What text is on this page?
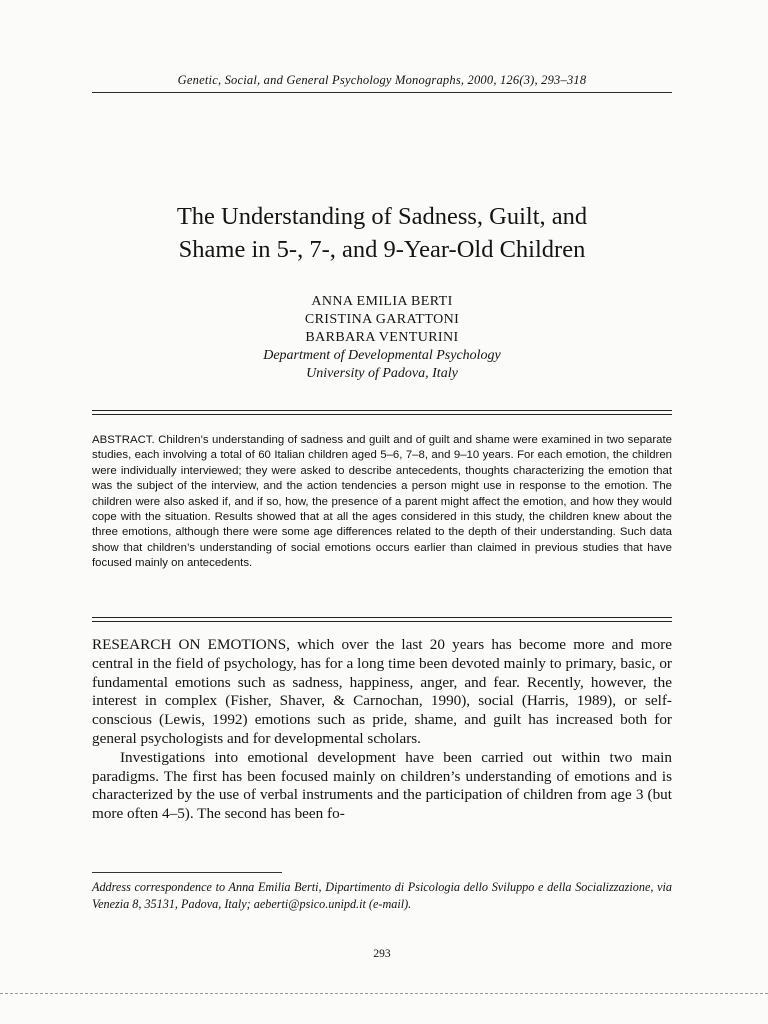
Genetic, Social, and General Psychology Monographs, 2000, 126(3), 293–318
The Understanding of Sadness, Guilt, and
Shame in 5-, 7-, and 9-Year-Old Children
ANNA EMILIA BERTI
CRISTINA GARATTONI
BARBARA VENTURINI
Department of Developmental Psychology
University of Padova, Italy

ABSTRACT. Children’s understanding of sadness and guilt and of guilt and shame were examined in two separate studies, each involving a total of 60 Italian children aged 5–6, 7–8, and 9–10 years. For each emotion, the children were individually interviewed; they were asked to describe antecedents, thoughts characterizing the emotion that was the subject of the interview, and the action tendencies a person might use in response to the emotion. The children were also asked if, and if so, how, the presence of a parent might affect the emotion, and how they would cope with the situation. Results showed that at all the ages considered in this study, the children knew about the three emotions, although there were some age differences related to the depth of their understanding. Such data show that children’s understanding of social emotions occurs earlier than claimed in previous studies that have focused mainly on antecedents.

RESEARCH ON EMOTIONS, which over the last 20 years has become more and more central in the field of psychology, has for a long time been devoted mainly to primary, basic, or fundamental emotions such as sadness, happiness, anger, and fear. Recently, however, the interest in complex (Fisher, Shaver, & Carnochan, 1990), social (Harris, 1989), or self-conscious (Lewis, 1992) emotions such as pride, shame, and guilt has increased both for general psychologists and for developmental scholars.

Investigations into emotional development have been carried out within two main paradigms. The first has been focused mainly on children’s understanding of emotions and is characterized by the use of verbal instruments and the participation of children from age 3 (but more often 4–5). The second has been fo-

Address correspondence to Anna Emilia Berti, Dipartimento di Psicologia dello Sviluppo e della Socializzazione, via Venezia 8, 35131, Padova, Italy; aeberti@psico.unipd.it (e-mail).

293
